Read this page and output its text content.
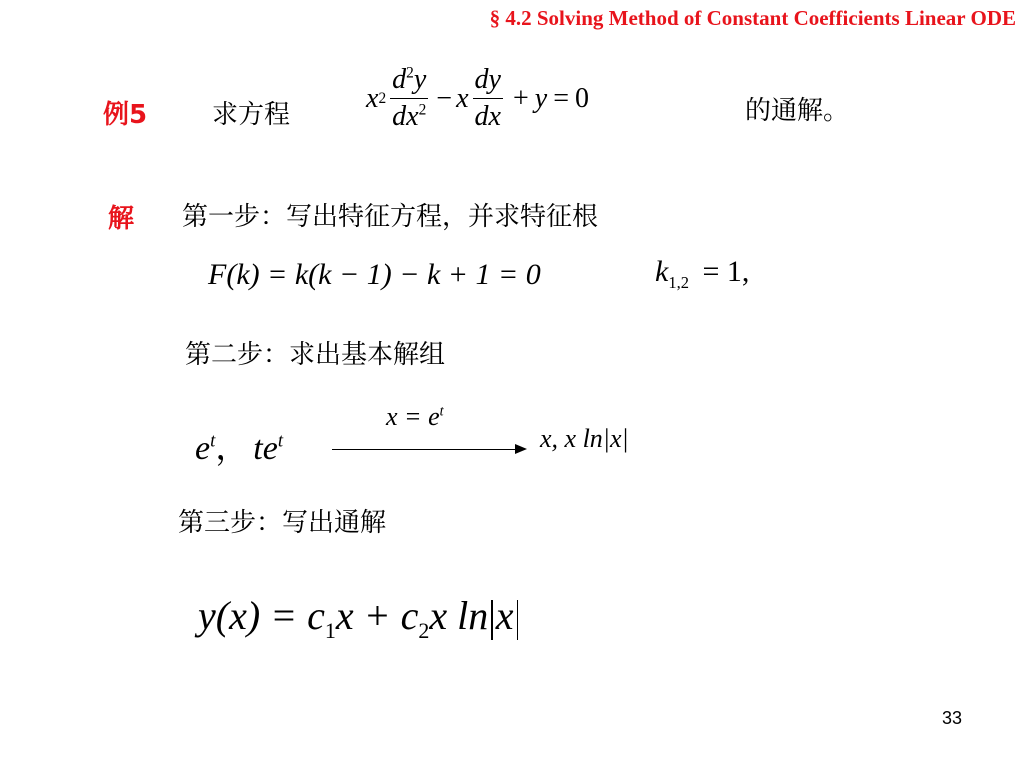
§ 4.2 Solving Method of Constant Coefficients Linear ODE
例5 求方程
x $2 \frac{d^2y}{dx^2} - x \frac{dy}{dx} + y = 0$	的通解。
解 第一步：写出特征方程，并求特征根
F(k) = k(k − 1) − k + 1 = 0	$k_{1,2} = 1$,
第二步：求出基本解组
$e^t$， $te^t$
$x = e^t$
x, x ln|x|
第三步：写出通解
$y(x) = c_1x + c_2x$ ln x
33
